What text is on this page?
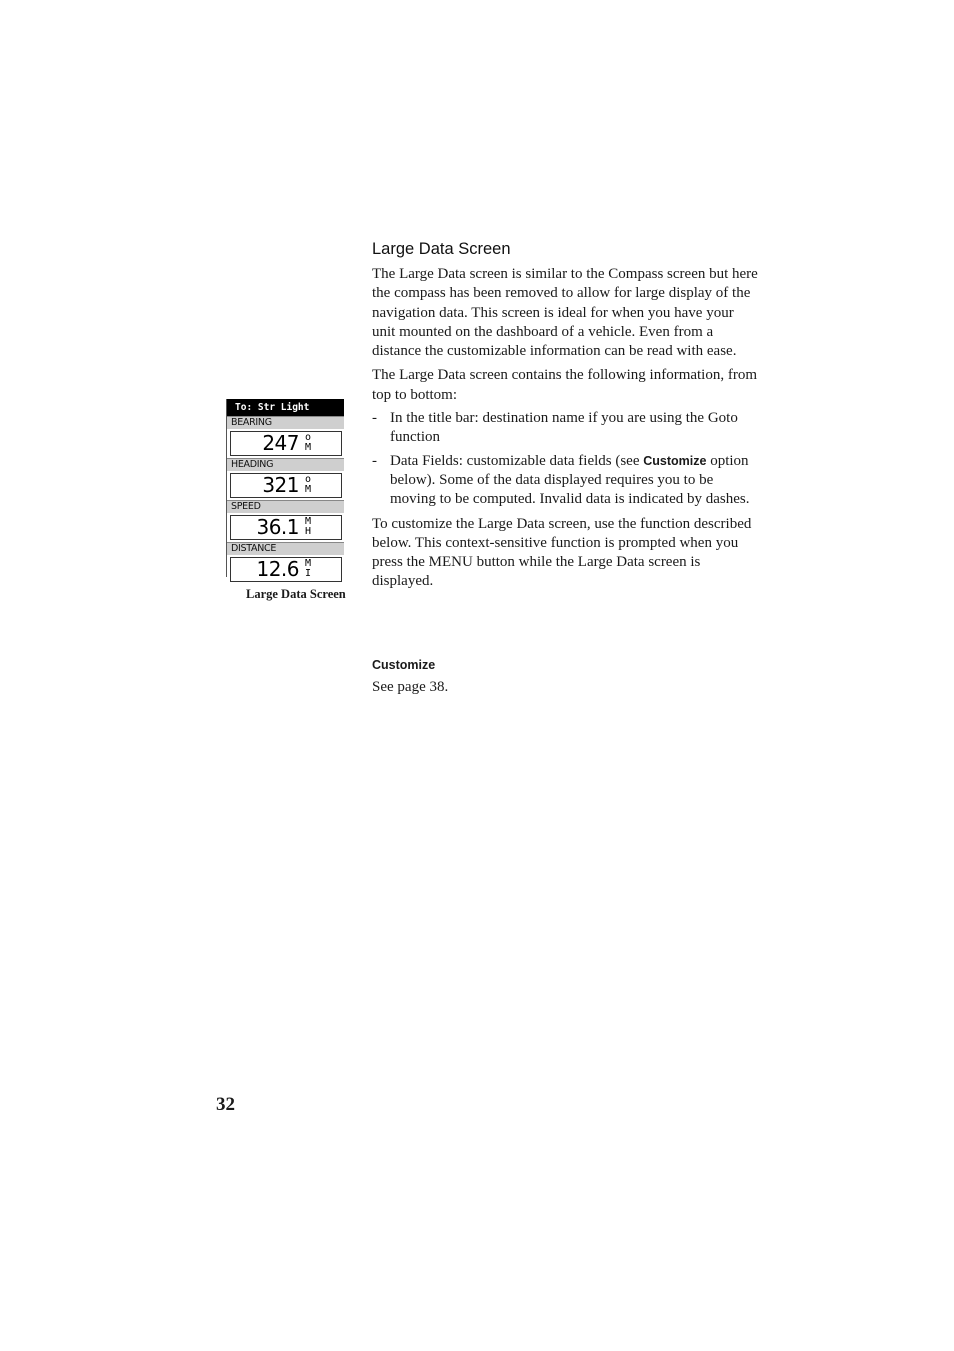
Large Data Screen

The Large Data screen is similar to the Compass screen but here the compass has been removed to allow for large display of the navigation data. This screen is ideal for when you have your unit mounted on the dashboard of a vehicle. Even from a distance the customizable information can be read with ease.

The Large Data screen contains the following information, from top to bottom:

- In the title bar: destination name if you are using the Goto function
- Data Fields: customizable data fields (see Customize option below). Some of the data displayed requires you to be moving to be computed. Invalid data is indicated by dashes.

To customize the Large Data screen, use the function described below. This context-sensitive function is prompted when you press the MENU button while the Large Data screen is displayed.

Customize
See page 38.
To: Str Light
BEARING
247 o
M
HEADING
321 o
M
SPEED
36.1 M
H
DISTANCE
12.6 M
I
Large Data Screen
32
